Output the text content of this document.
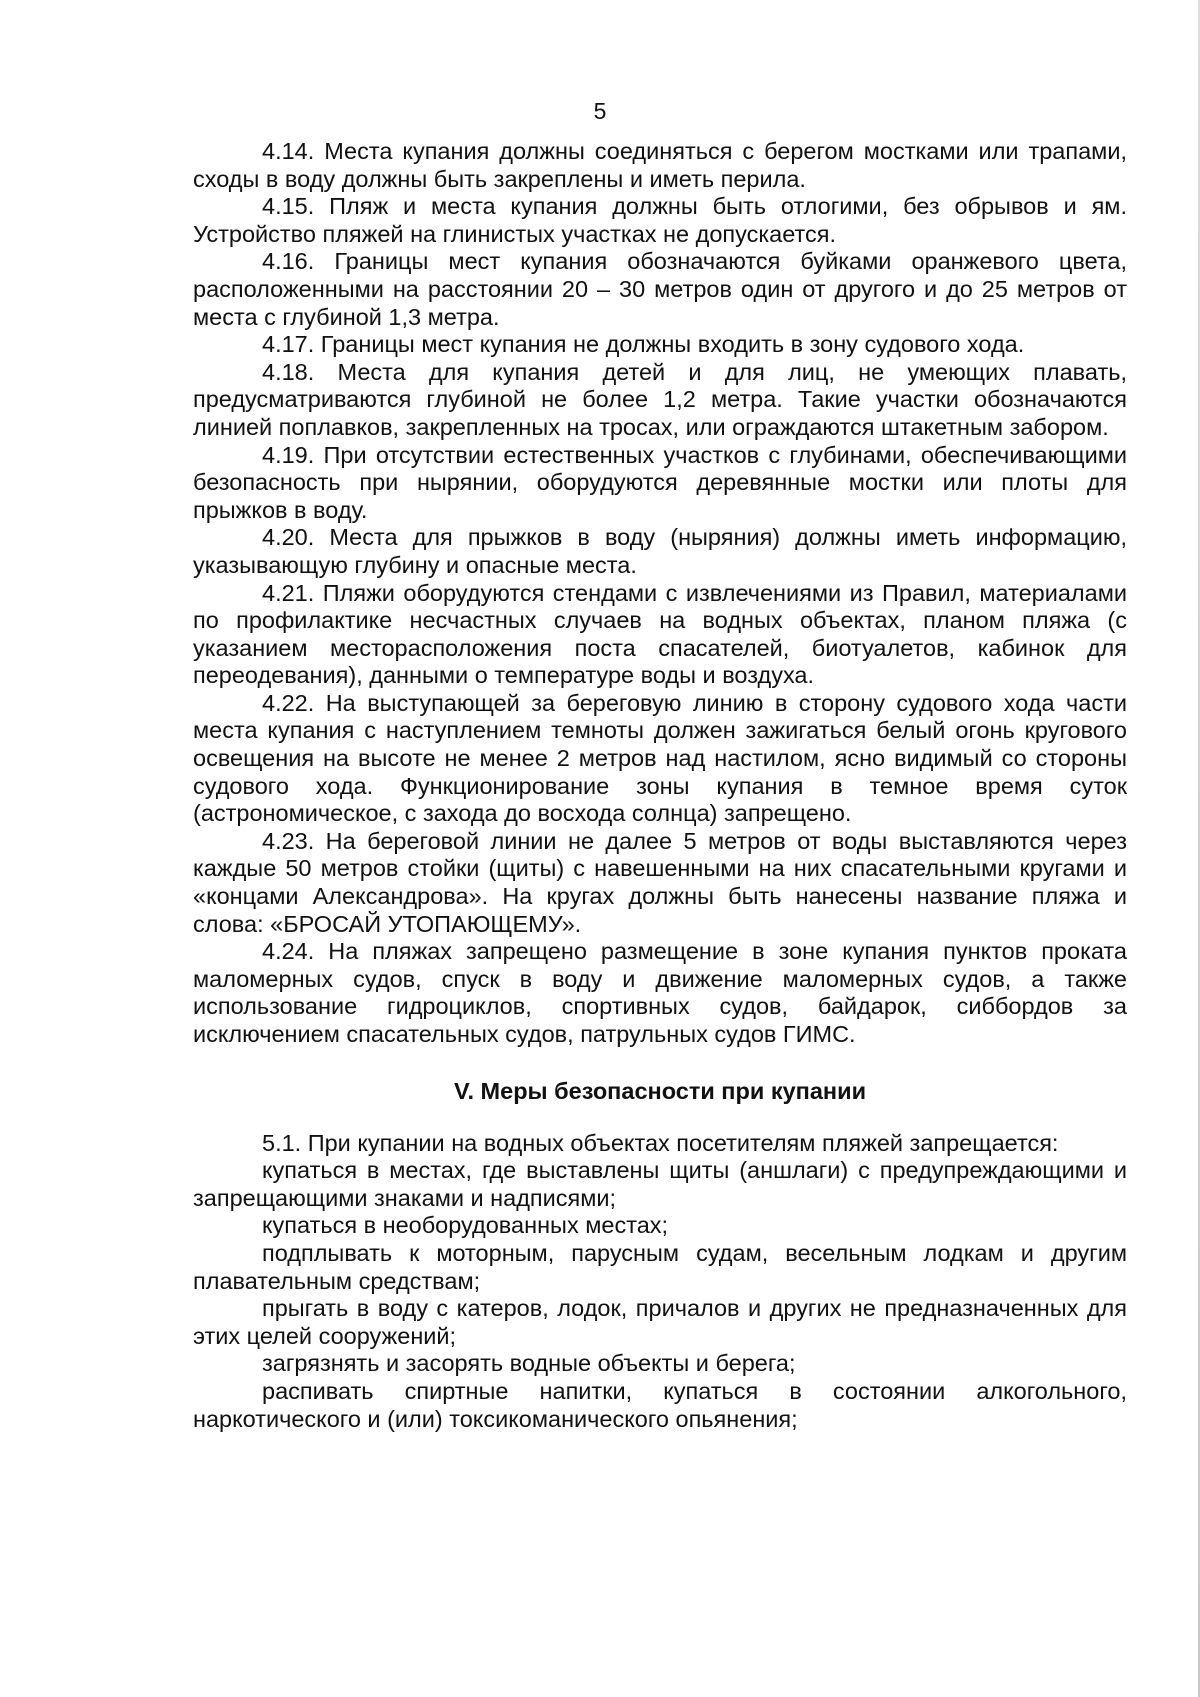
5

4.14. Места купания должны соединяться с берегом мостками или трапами, сходы в воду должны быть закреплены и иметь перила.

4.15. Пляж и места купания должны быть отлогими, без обрывов и ям. Устройство пляжей на глинистых участках не допускается.

4.16. Границы мест купания обозначаются буйками оранжевого цвета, расположенными на расстоянии 20 – 30 метров один от другого и до 25 метров от места с глубиной 1,3 метра.

4.17. Границы мест купания не должны входить в зону судового хода.

4.18. Места для купания детей и для лиц, не умеющих плавать, предусматриваются глубиной не более 1,2 метра. Такие участки обозначаются линией поплавков, закрепленных на тросах, или ограждаются штакетным забором.

4.19. При отсутствии естественных участков с глубинами, обеспечивающими безопасность при нырянии, оборудуются деревянные мостки или плоты для прыжков в воду.

4.20. Места для прыжков в воду (ныряния) должны иметь информацию, указывающую глубину и опасные места.

4.21. Пляжи оборудуются стендами с извлечениями из Правил, материалами по профилактике несчастных случаев на водных объектах, планом пляжа (с указанием месторасположения поста спасателей, биотуалетов, кабинок для переодевания), данными о температуре воды и воздуха.

4.22. На выступающей за береговую линию в сторону судового хода части места купания с наступлением темноты должен зажигаться белый огонь кругового освещения на высоте не менее 2 метров над настилом, ясно видимый со стороны судового хода. Функционирование зоны купания в темное время суток (астрономическое, с захода до восхода солнца) запрещено.

4.23. На береговой линии не далее 5 метров от воды выставляются через каждые 50 метров стойки (щиты) с навешенными на них спасательными кругами и «концами Александрова». На кругах должны быть нанесены название пляжа и слова: «БРОСАЙ УТОПАЮЩЕМУ».

4.24. На пляжах запрещено размещение в зоне купания пунктов проката маломерных судов, спуск в воду и движение маломерных судов, а также использование гидроциклов, спортивных судов, байдарок, сиббордов за исключением спасательных судов, патрульных судов ГИМС.

V. Меры безопасности при купании

5.1. При купании на водных объектах посетителям пляжей запрещается:

купаться в местах, где выставлены щиты (аншлаги) с предупреждающими и запрещающими знаками и надписями;

купаться в необорудованных местах;

подплывать к моторным, парусным судам, весельным лодкам и другим плавательным средствам;

прыгать в воду с катеров, лодок, причалов и других не предназначенных для этих целей сооружений;

загрязнять и засорять водные объекты и берега;

распивать спиртные напитки, купаться в состоянии алкогольного, наркотического и (или) токсикоманического опьянения;
